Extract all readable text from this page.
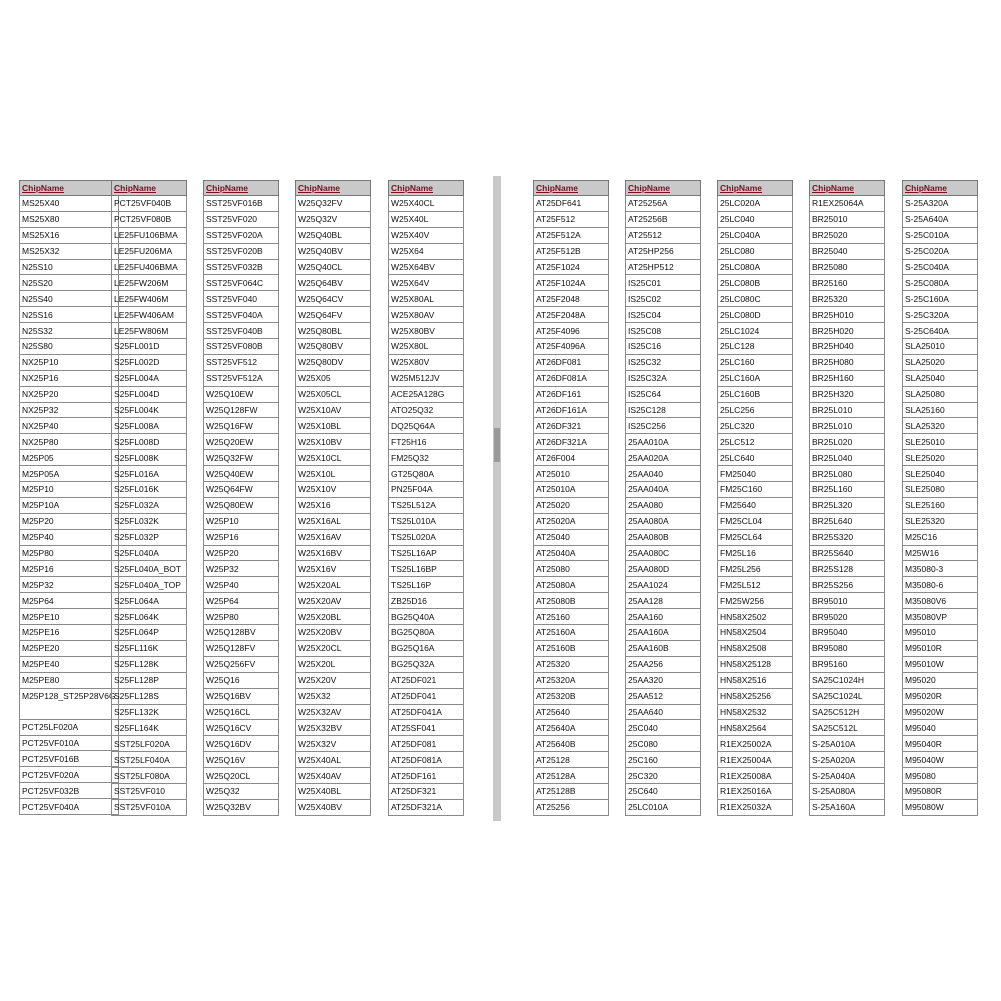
ChipName
MS25X40
MS25X80
MS25X16
MS25X32
N25S10
N25S20
N25S40
N25S16
N25S32
N25S80
NX25P10
NX25P16
NX25P20
NX25P32
NX25P40
NX25P80
M25P05
M25P05A
M25P10
M25P10A
M25P20
M25P40
M25P80
M25P16
M25P32
M25P64
M25PE10
M25PE16
M25PE20
M25PE40
M25PE80
M25P128_ST25P28V6G
PCT25LF020A
PCT25VF010A
PCT25VF016B
PCT25VF020A
PCT25VF032B
PCT25VF040A
ChipName
PCT25VF040B
PCT25VF080B
LE25FU106BMA
LE25FU206MA
LE25FU406BMA
LE25FW206M
LE25FW406M
LE25FW406AM
LE25FW806M
S25FL001D
S25FL002D
S25FL004A
S25FL004D
S25FL004K
S25FL008A
S25FL008D
S25FL008K
S25FL016A
S25FL016K
S25FL032A
S25FL032K
S25FL032P
S25FL040A
S25FL040A_BOT
S25FL040A_TOP
S25FL064A
S25FL064K
S25FL064P
S25FL116K
S25FL128K
S25FL128P
S25FL128S
S25FL132K
S25FL164K
SST25LF020A
SST25LF040A
SST25LF080A
SST25VF010
SST25VF010A
ChipName
SST25VF016B
SST25VF020
SST25VF020A
SST25VF020B
SST25VF032B
SST25VF064C
SST25VF040
SST25VF040A
SST25VF040B
SST25VF080B
SST25VF512
SST25VF512A
W25Q10EW
W25Q128FW
W25Q16FW
W25Q20EW
W25Q32FW
W25Q40EW
W25Q64FW
W25Q80EW
W25P10
W25P16
W25P20
W25P32
W25P40
W25P64
W25P80
W25Q128BV
W25Q128FV
W25Q256FV
W25Q16
W25Q16BV
W25Q16CL
W25Q16CV
W25Q16DV
W25Q16V
W25Q20CL
W25Q32
W25Q32BV
ChipName
W25Q32FV
W25Q32V
W25Q40BL
W25Q40BV
W25Q40CL
W25Q64BV
W25Q64CV
W25Q64FV
W25Q80BL
W25Q80BV
W25Q80DV
W25X05
W25X05CL
W25X10AV
W25X10BL
W25X10BV
W25X10CL
W25X10L
W25X10V
W25X16
W25X16AL
W25X16AV
W25X16BV
W25X16V
W25X20AL
W25X20AV
W25X20BL
W25X20BV
W25X20CL
W25X20L
W25X20V
W25X32
W25X32AV
W25X32BV
W25X32V
W25X40AL
W25X40AV
W25X40BL
W25X40BV
ChipName
W25X40CL
W25X40L
W25X40V
W25X64
W25X64BV
W25X64V
W25X80AL
W25X80AV
W25X80BV
W25X80L
W25X80V
W25M512JV
ACE25A128G
ATO25Q32
DQ25Q64A
FT25H16
FM25Q32
GT25Q80A
PN25F04A
TS25L512A
TS25L010A
TS25L020A
TS25L16AP
TS25L16BP
TS25L16P
ZB25D16
BG25Q40A
BG25Q80A
BG25Q16A
BG25Q32A
AT25DF021
AT25DF041
AT25DF041A
AT25SF041
AT25DF081
AT25DF081A
AT25DF161
AT25DF321
AT25DF321A
ChipName
AT25DF641
AT25F512
AT25F512A
AT25F512B
AT25F1024
AT25F1024A
AT25F2048
AT25F2048A
AT25F4096
AT25F4096A
AT26DF081
AT26DF081A
AT26DF161
AT26DF161A
AT26DF321
AT26DF321A
AT26F004
AT25010
AT25010A
AT25020
AT25020A
AT25040
AT25040A
AT25080
AT25080A
AT25080B
AT25160
AT25160A
AT25160B
AT25320
AT25320A
AT25320B
AT25640
AT25640A
AT25640B
AT25128
AT25128A
AT25128B
AT25256
ChipName
AT25256A
AT25256B
AT25512
AT25HP256
AT25HP512
IS25C01
IS25C02
IS25C04
IS25C08
IS25C16
IS25C32
IS25C32A
IS25C64
IS25C128
IS25C256
25AA010A
25AA020A
25AA040
25AA040A
25AA080
25AA080A
25AA080B
25AA080C
25AA080D
25AA1024
25AA128
25AA160
25AA160A
25AA160B
25AA256
25AA320
25AA512
25AA640
25C040
25C080
25C160
25C320
25C640
25LC010A
ChipName
25LC020A
25LC040
25LC040A
25LC080
25LC080A
25LC080B
25LC080C
25LC080D
25LC1024
25LC128
25LC160
25LC160A
25LC160B
25LC256
25LC320
25LC512
25LC640
FM25040
FM25C160
FM25640
FM25CL04
FM25CL64
FM25L16
FM25L256
FM25L512
FM25W256
HN58X2502
HN58X2504
HN58X2508
HN58X25128
HN58X2516
HN58X25256
HN58X2532
HN58X2564
R1EX25002A
R1EX25004A
R1EX25008A
R1EX25016A
R1EX25032A
ChipName
R1EX25064A
BR25010
BR25020
BR25040
BR25080
BR25160
BR25320
BR25H010
BR25H020
BR25H040
BR25H080
BR25H160
BR25H320
BR25L010
BR25L010
BR25L020
BR25L040
BR25L080
BR25L160
BR25L320
BR25L640
BR25S320
BR25S640
BR25S128
BR25S256
BR95010
BR95020
BR95040
BR95080
BR95160
SA25C1024H
SA25C1024L
SA25C512H
SA25C512L
S-25A010A
S-25A020A
S-25A040A
S-25A080A
S-25A160A
ChipName
S-25A320A
S-25A640A
S-25C010A
S-25C020A
S-25C040A
S-25C080A
S-25C160A
S-25C320A
S-25C640A
SLA25010
SLA25020
SLA25040
SLA25080
SLA25160
SLA25320
SLE25010
SLE25020
SLE25040
SLE25080
SLE25160
SLE25320
M25C16
M25W16
M35080-3
M35080-6
M35080V6
M35080VP
M95010
M95010R
M95010W
M95020
M95020R
M95020W
M95040
M95040R
M95040W
M95080
M95080R
M95080W
